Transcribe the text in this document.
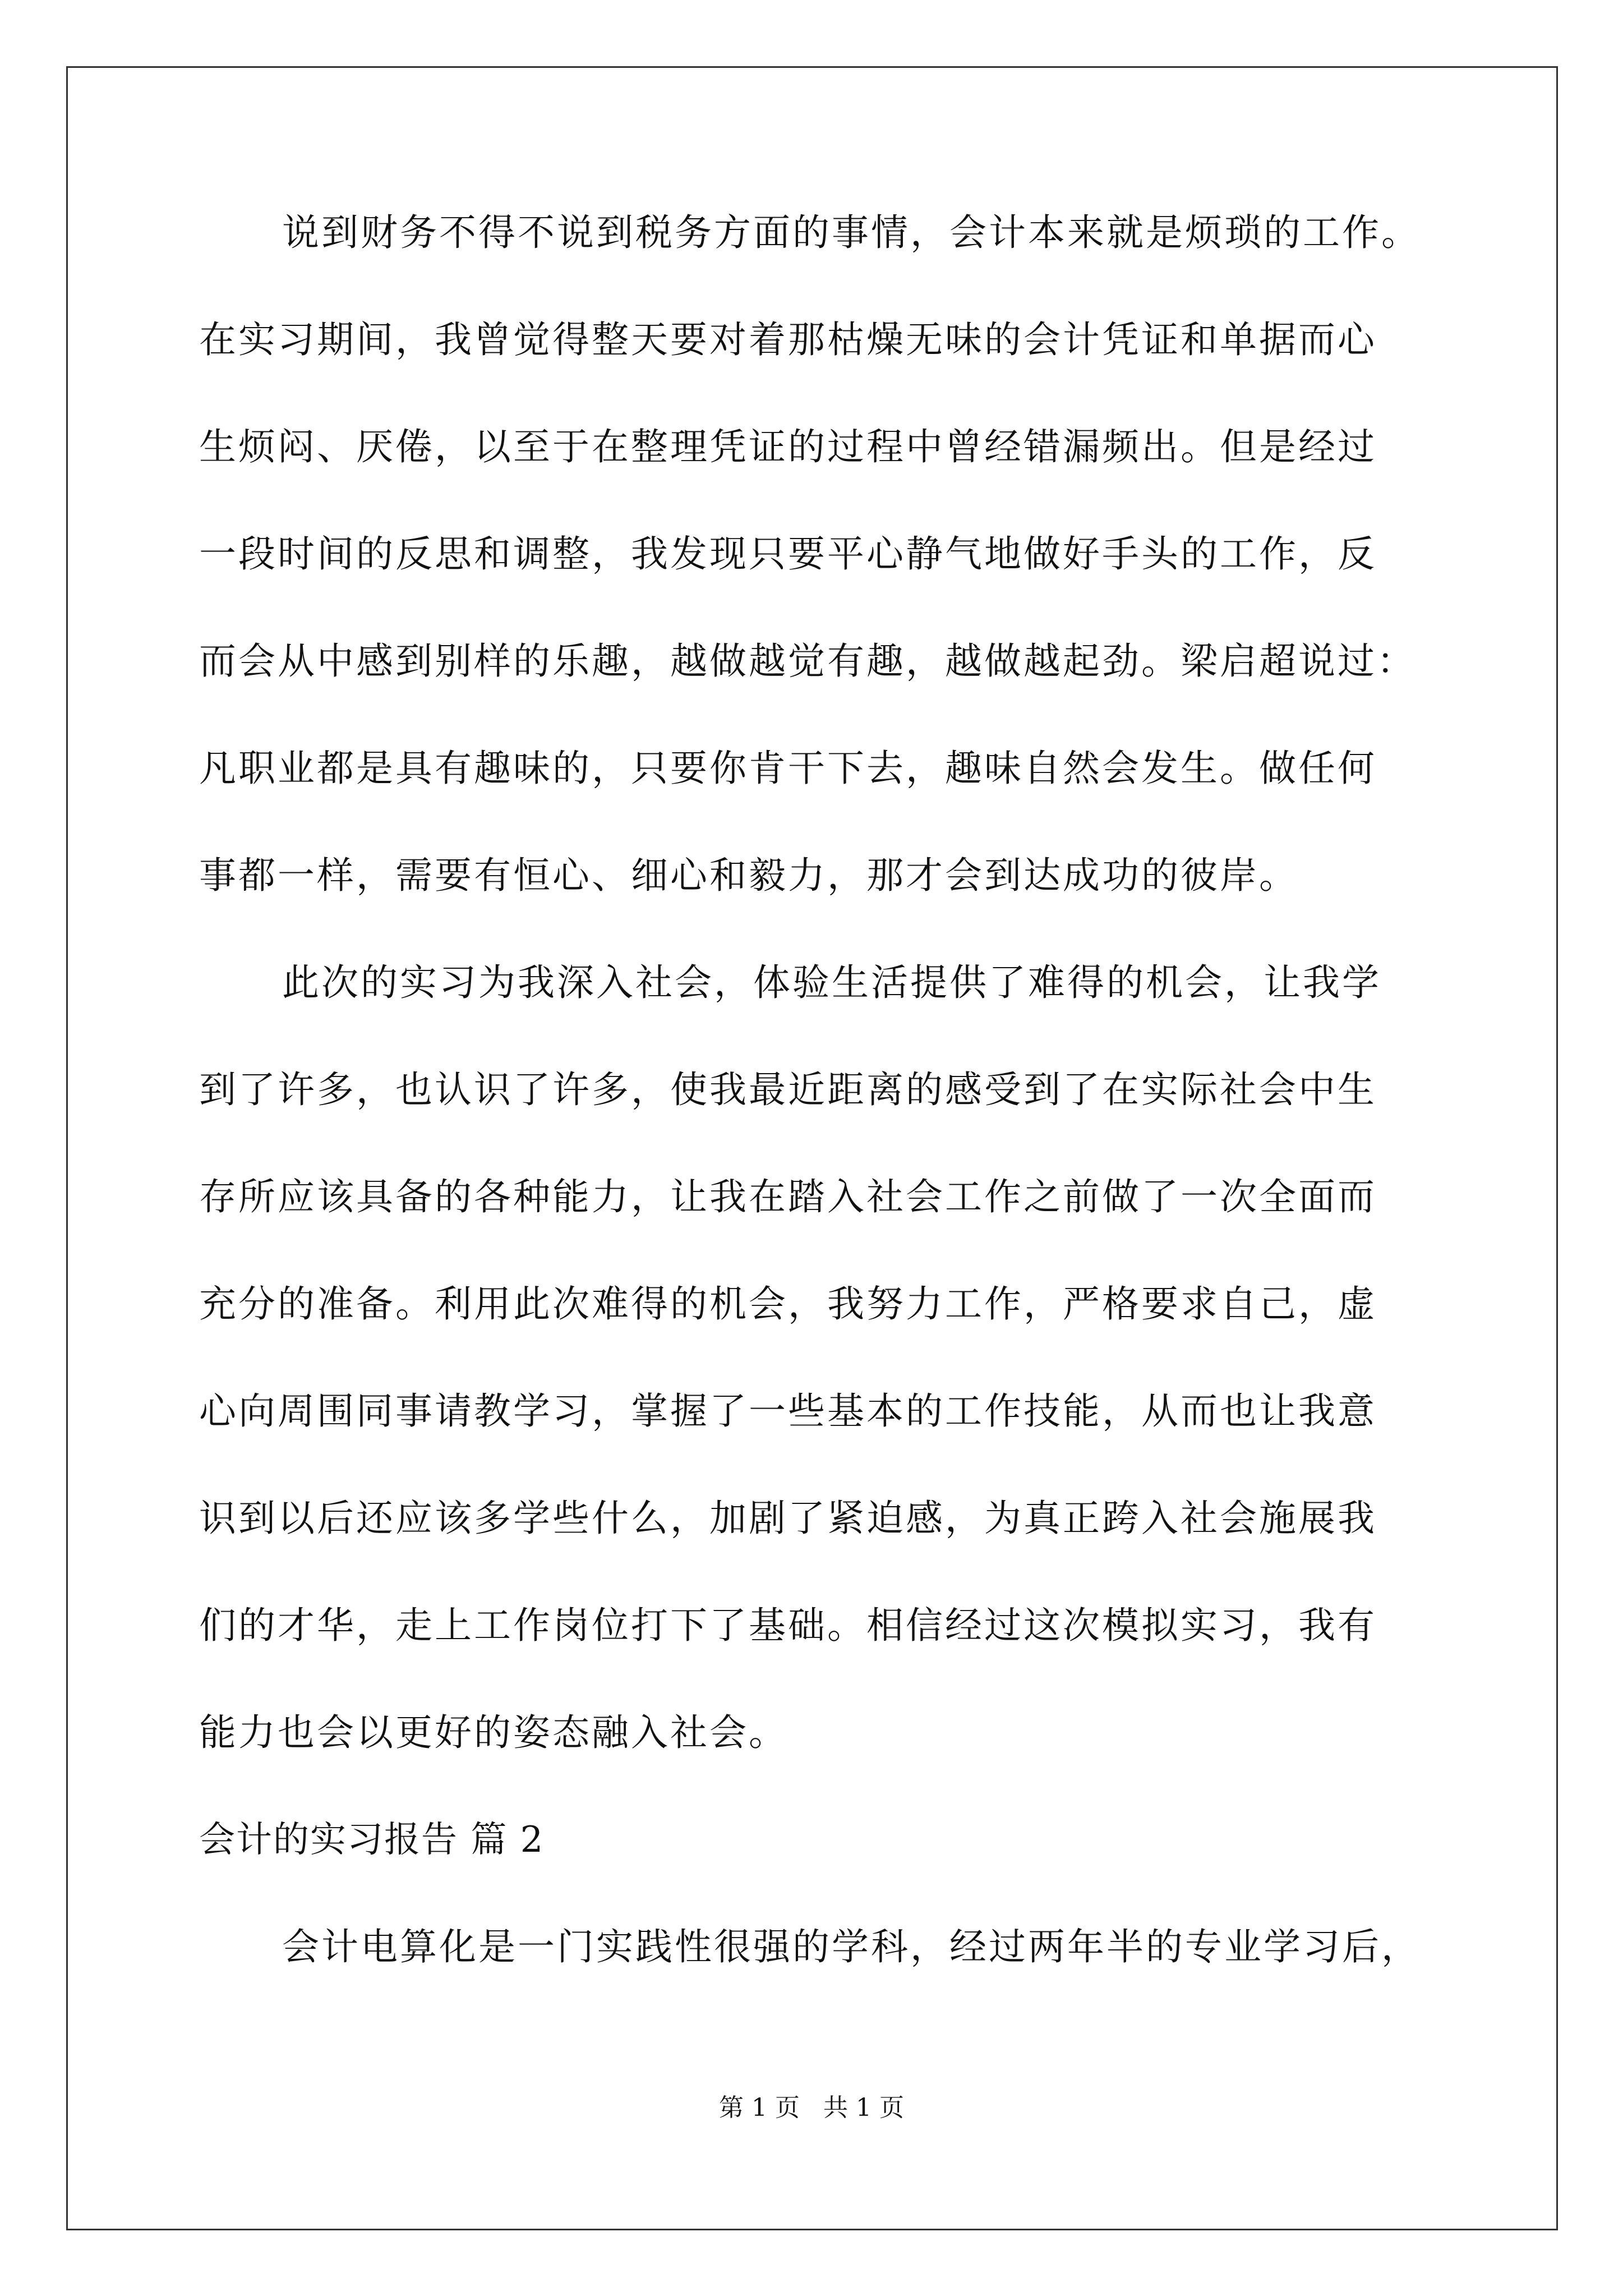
说到财务不得不说到税务方面的事情，会计本来就是烦琐的工作。
在实习期间，我曾觉得整天要对着那枯燥无味的会计凭证和单据而心
生烦闷、厌倦，以至于在整理凭证的过程中曾经错漏频出。但是经过
一段时间的反思和调整，我发现只要平心静气地做好手头的工作，反
而会从中感到别样的乐趣，越做越觉有趣，越做越起劲。梁启超说过：
凡职业都是具有趣味的，只要你肯干下去，趣味自然会发生。做任何
事都一样，需要有恒心、细心和毅力，那才会到达成功的彼岸。
此次的实习为我深入社会，体验生活提供了难得的机会，让我学
到了许多，也认识了许多，使我最近距离的感受到了在实际社会中生
存所应该具备的各种能力，让我在踏入社会工作之前做了一次全面而
充分的准备。利用此次难得的机会，我努力工作，严格要求自己，虚
心向周围同事请教学习，掌握了一些基本的工作技能，从而也让我意
识到以后还应该多学些什么，加剧了紧迫感，为真正跨入社会施展我
们的才华，走上工作岗位打下了基础。相信经过这次模拟实习，我有
能力也会以更好的姿态融入社会。
会计的实习报告 篇 2
会计电算化是一门实践性很强的学科，经过两年半的专业学习后，
第 1 页   共 1 页
